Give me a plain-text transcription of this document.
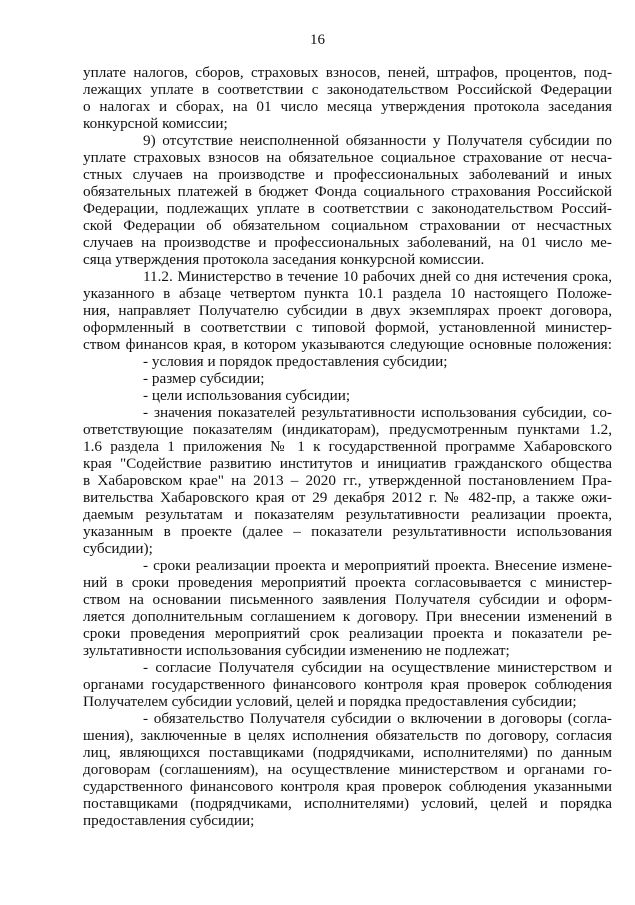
16
уплате налогов, сборов, страховых взносов, пеней, штрафов, процентов, под-
лежащих уплате в соответствии с законодательством Российской Федерации
о налогах и сборах, на 01 число месяца утверждения протокола заседания
конкурсной комиссии;
9) отсутствие неисполненной обязанности у Получателя субсидии по
уплате страховых взносов на обязательное социальное страхование от несча-
стных случаев на производстве и профессиональных заболеваний и иных
обязательных платежей в бюджет Фонда социального страхования Российской
Федерации, подлежащих уплате в соответствии с законодательством Россий-
ской Федерации об обязательном социальном страховании от несчастных
случаев на производстве и профессиональных заболеваний, на 01 число ме-
сяца утверждения протокола заседания конкурсной комиссии.
11.2. Министерство в течение 10 рабочих дней со дня истечения срока,
указанного в абзаце четвертом пункта 10.1 раздела 10 настоящего Положе-
ния, направляет Получателю субсидии в двух экземплярах проект договора,
оформленный в соответствии с типовой формой, установленной министер-
ством финансов края, в котором указываются следующие основные положения:
- условия и порядок предоставления субсидии;
- размер субсидии;
- цели использования субсидии;
- значения показателей результативности использования субсидии, со-
ответствующие показателям (индикаторам), предусмотренным пунктами 1.2,
1.6 раздела 1 приложения № 1 к государственной программе Хабаровского
края "Содействие развитию институтов и инициатив гражданского общества
в Хабаровском крае" на 2013 – 2020 гг., утвержденной постановлением Пра-
вительства Хабаровского края от 29 декабря 2012 г. № 482-пр, а также ожи-
даемым результатам и показателям результативности реализации проекта,
указанным в проекте (далее – показатели результативности использования
субсидии);
- сроки реализации проекта и мероприятий проекта. Внесение измене-
ний в сроки проведения мероприятий проекта согласовывается с министер-
ством на основании письменного заявления Получателя субсидии и оформ-
ляется дополнительным соглашением к договору. При внесении изменений в
сроки проведения мероприятий срок реализации проекта и показатели ре-
зультативности использования субсидии изменению не подлежат;
- согласие Получателя субсидии на осуществление министерством и
органами государственного финансового контроля края проверок соблюдения
Получателем субсидии условий, целей и порядка предоставления субсидии;
- обязательство Получателя субсидии о включении в договоры (согла-
шения), заключенные в целях исполнения обязательств по договору, согласия
лиц, являющихся поставщиками (подрядчиками, исполнителями) по данным
договорам (соглашениям), на осуществление министерством и органами го-
сударственного финансового контроля края проверок соблюдения указанными
поставщиками (подрядчиками, исполнителями) условий, целей и порядка
предоставления субсидии;
